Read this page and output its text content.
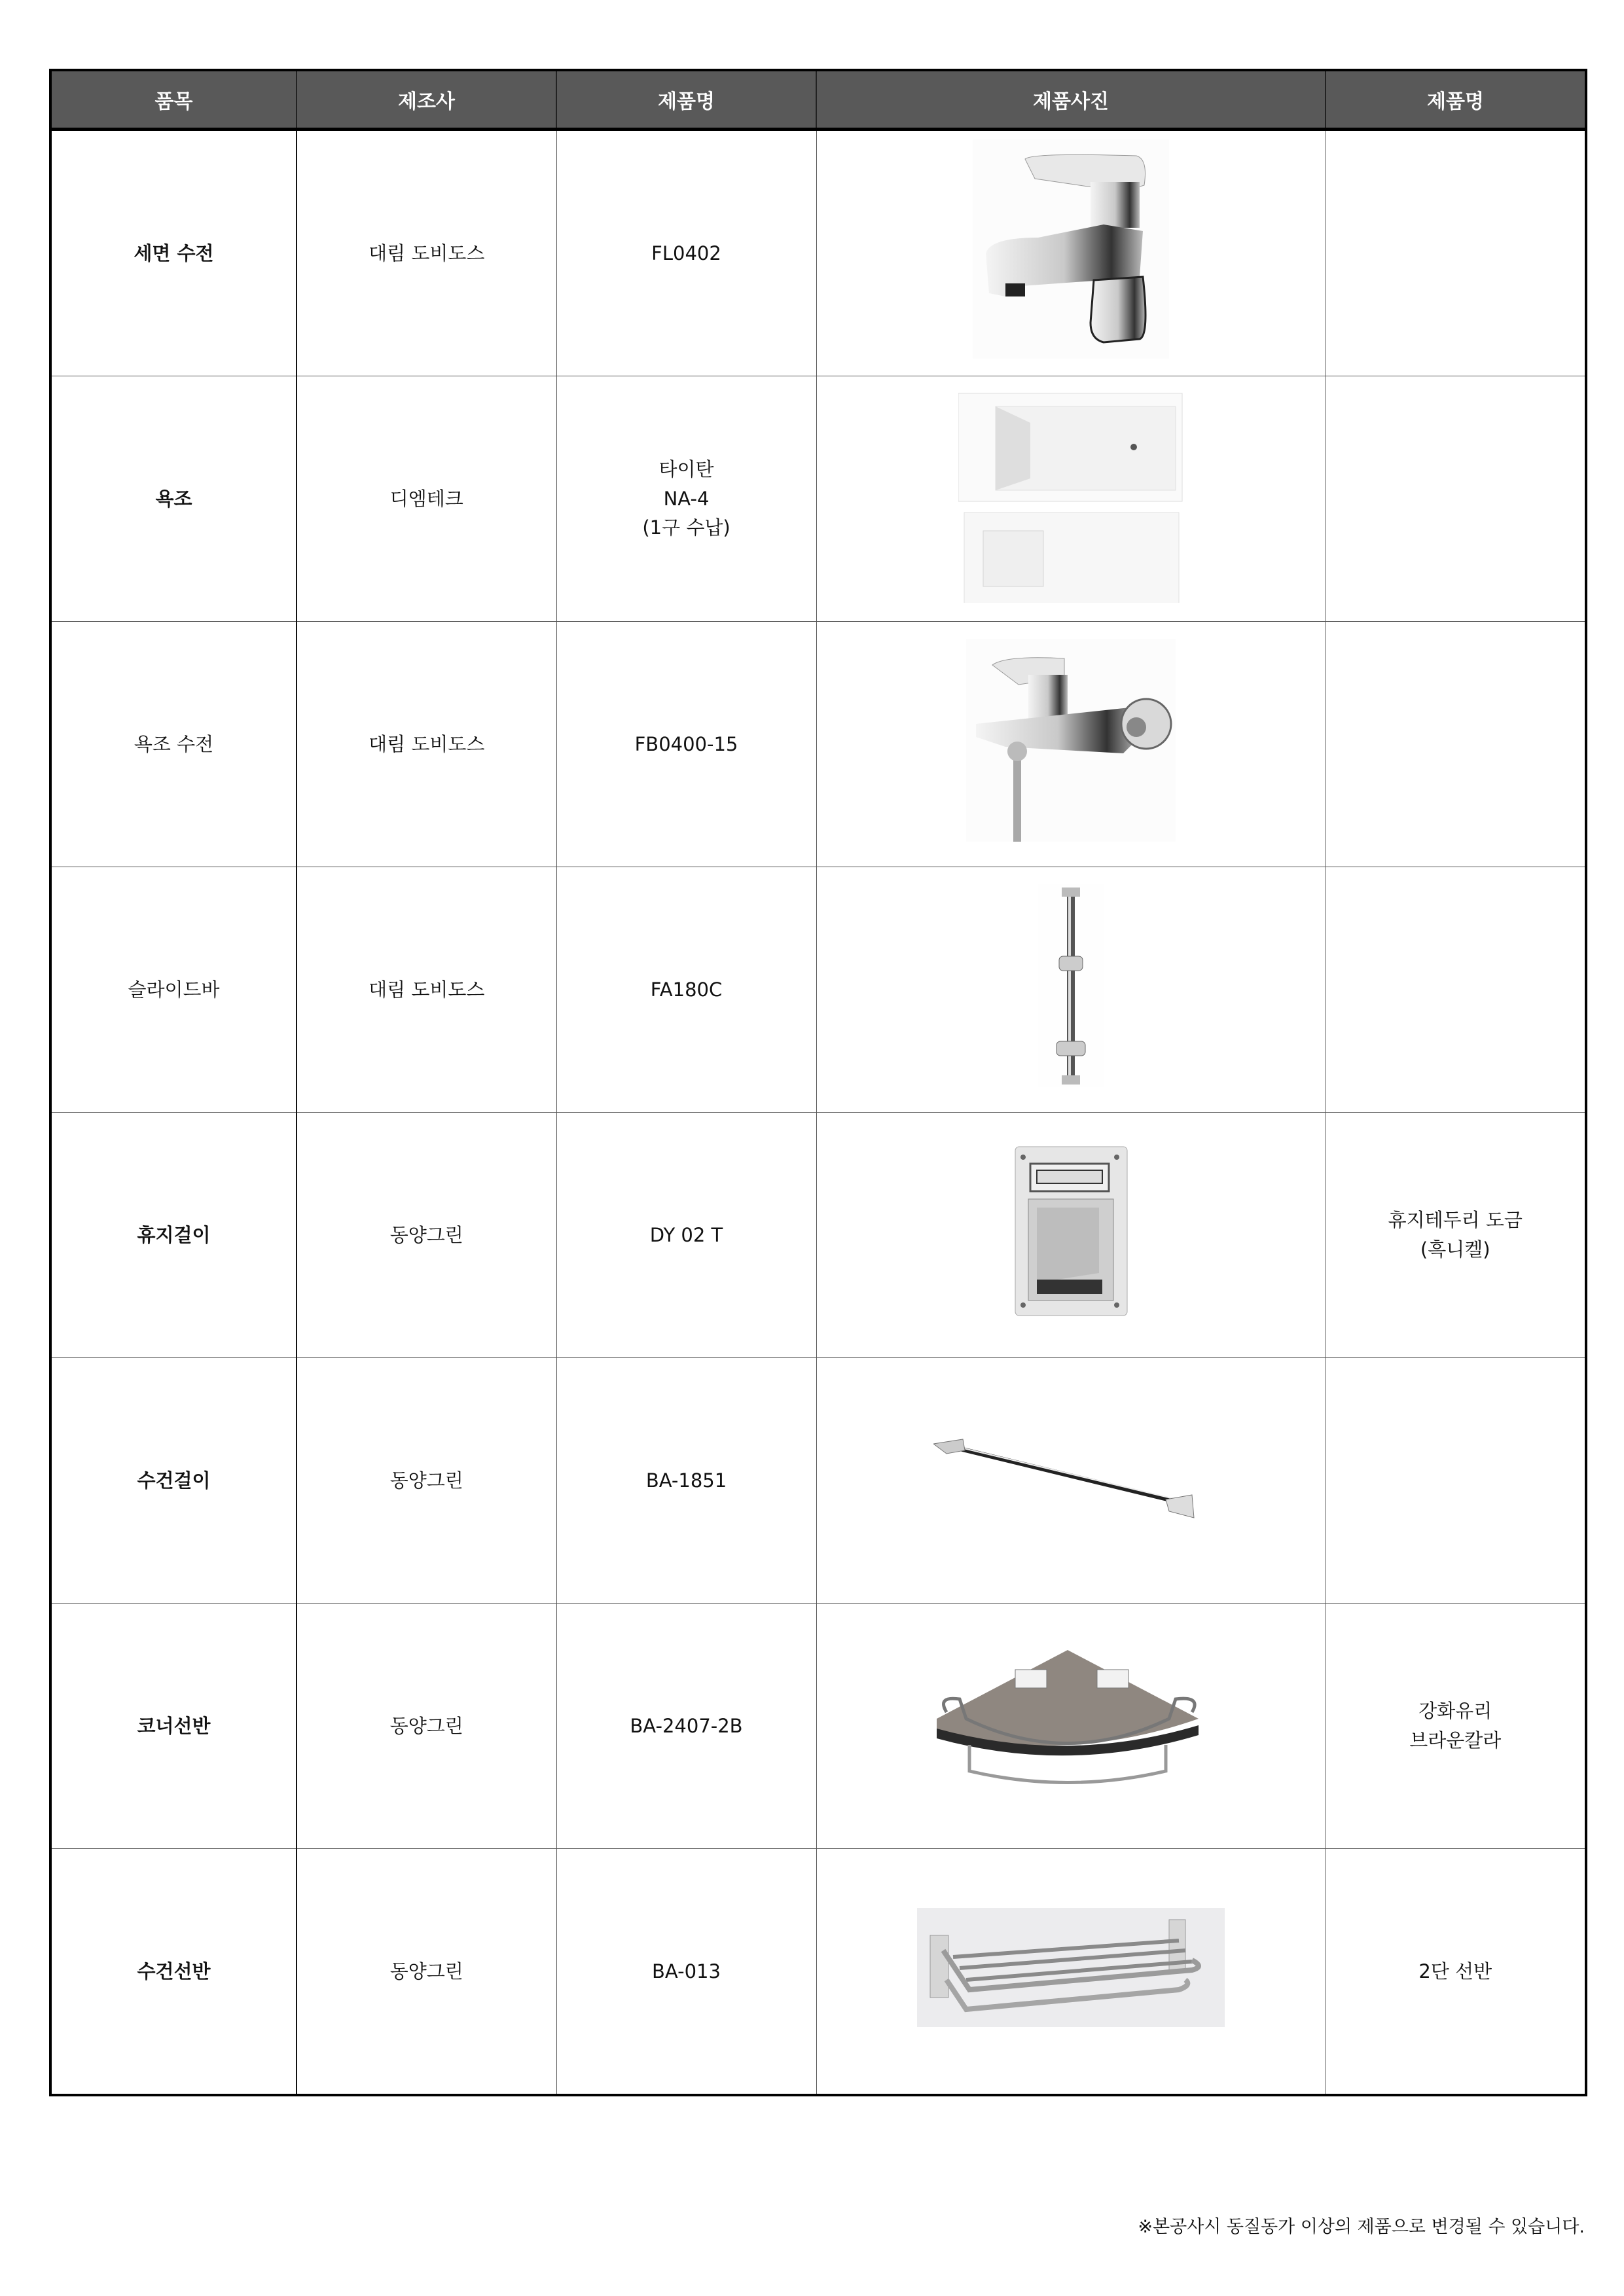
품목	제조사	제품명	제품사진	제품명
세면 수전	대림 도비도스	FL0402

욕조	디엠테크	타이탄
NA-4
(1구 수납)

욕조 수전	대림 도비도스	FB0400-15

슬라이드바	대림 도비도스	FA180C

휴지걸이	동양그린	DY 02 T		휴지테두리 도금
(흑니켈)

수건걸이	동양그린	BA-1851

코너선반	동양그린	BA-2407-2B		강화유리
브라운칼라

수건선반	동양그린	BA-013		2단 선반
※본공사시 동질동가 이상의 제품으로 변경될 수 있습니다.
